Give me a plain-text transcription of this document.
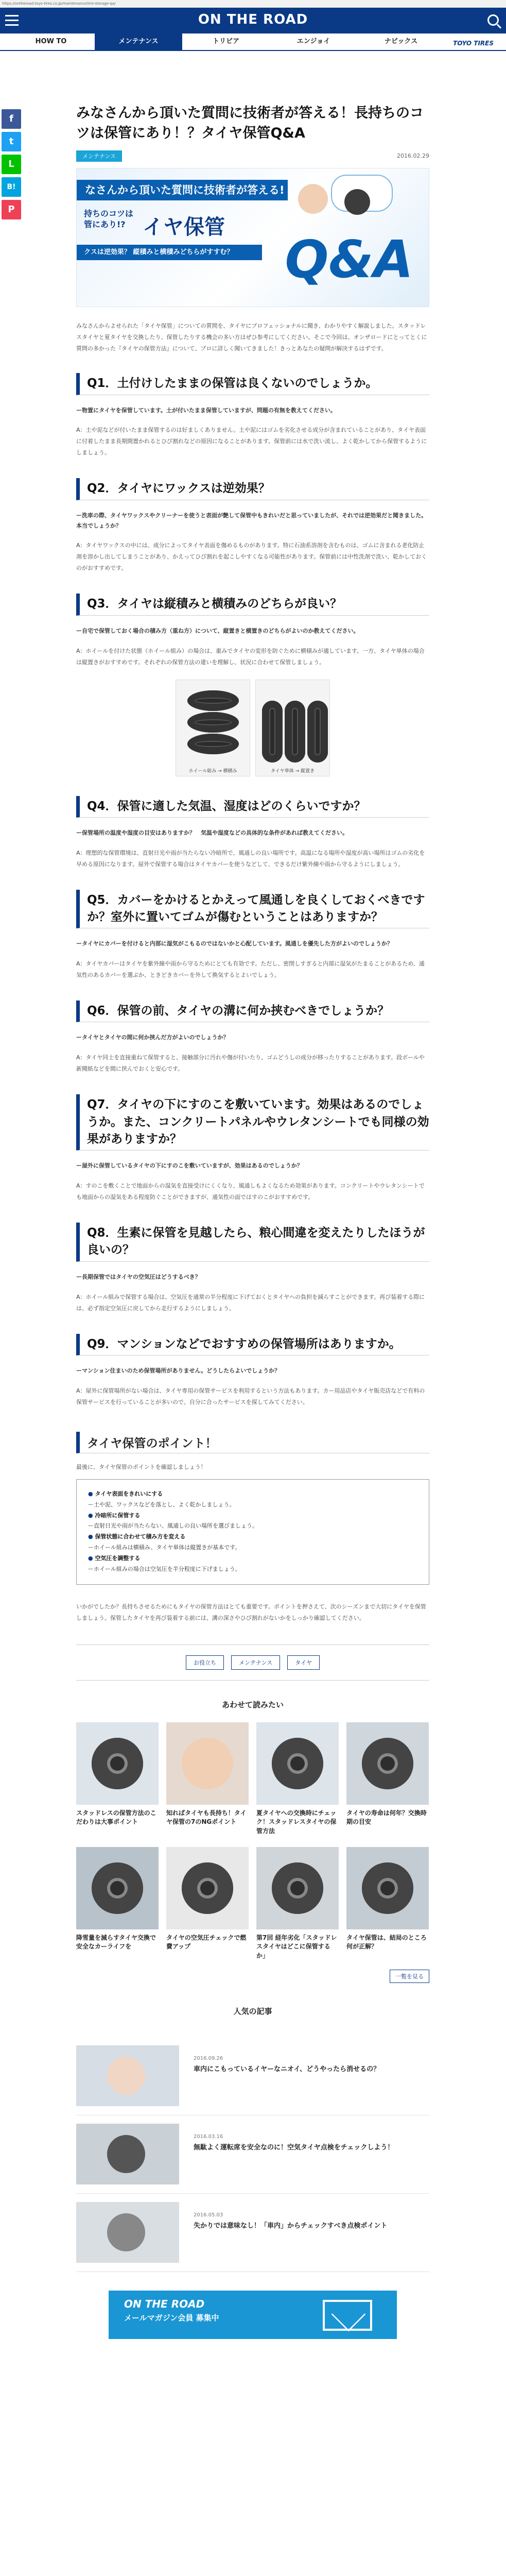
https://ontheroad.toyo-tires.co.jp/maintenance/tire-storage-qa/
ON THE ROAD
HOW TO	メンテナンス	トリビア	エンジョイ	ナビックス	TOYO TIRES
f
t
L
B!
P
みなさんから頂いた質問に技術者が答える！長持ちのコツは保管にあり！？タイヤ保管Q&A
メンテナンス	2016.02.29
なさんから頂いた質問に技術者が答える!
持ちのコツは 管にあり!? イヤ保管
クスは逆効果？ 縦積みと横積みどちらがすすむ？ Q&A

みなさんからよせられた「タイヤ保管」についての質問を、タイヤにプロフェッショナルに聞き、わかりやすく解説しました。スタッドレスタイヤと夏タイヤを交換したり、保管したりする機会の多い方はぜひ参考にしてください。そこで今回は、オンザロードにとってとくに質問の多かった『タイヤの保管方法』について、プロに詳しく聞いてきました！きっとあなたの疑問が解決するはずです。

Q1．土付けしたままの保管は良くないのでしょうか。
ー物置にタイヤを保管しています。土が付いたまま保管していますが、問題の有無を教えてください。

A：土や泥などが付いたまま保管するのは好ましくありません。土や泥にはゴムを劣化させる成分が含まれていることがあり、タイヤ表面に付着したまま長期間置かれるとひび割れなどの原因になることがあります。保管前には水で洗い流し、よく乾かしてから保管するようにしましょう。

Q2．タイヤにワックスは逆効果？
ー洗車の際、タイヤワックスやクリーナーを使うと表面が艶して保管中もきれいだと思っていましたが、それでは逆効果だと聞きました。本当でしょうか？

A：タイヤワックスの中には、成分によってタイヤ表面を傷めるものがあります。特に石油系溶剤を含むものは、ゴムに含まれる老化防止剤を溶かし出してしまうことがあり、かえってひび割れを起こしやすくなる可能性があります。保管前には中性洗剤で洗い、乾かしておくのがおすすめです。

Q3．タイヤは縦積みと横積みのどちらが良い？
ー自宅で保管しておく場合の積み方（重ね方）について、縦置きと横置きのどちらがよいのか教えてください。

A：ホイールを付けた状態（ホイール組み）の場合は、重みでタイヤの変形を防ぐために横積みが適しています。一方、タイヤ単体の場合は縦置きがおすすめです。それぞれの保管方法の違いを理解し、状況に合わせて保管しましょう。

ホイール組み → 横積み	タイヤ単体 → 縦置き
Q4．保管に適した気温、湿度はどのくらいですか？
ー保管場所の温度や湿度の目安はありますか？　気温や湿度などの具体的な条件があれば教えてください。

A：理想的な保管環境は、直射日光や雨が当たらない冷暗所で、風通しの良い場所です。高温になる場所や湿度が高い場所はゴムの劣化を早める原因になります。屋外で保管する場合はタイヤカバーを使うなどして、できるだけ紫外線や雨から守るようにしましょう。

Q5．カバーをかけるとかえって風通しを良くしておくべきですか？室外に置いてゴムが傷むということはありますか？
ータイヤにカバーを付けると内部に湿気がこもるのではないかと心配しています。風通しを優先した方がよいのでしょうか？

A：タイヤカバーはタイヤを紫外線や雨から守るためにとても有効です。ただし、密閉しすぎると内部に湿気がたまることがあるため、通気性のあるカバーを選ぶか、ときどきカバーを外して換気するとよいでしょう。

Q6．保管の前、タイヤの溝に何か挟むべきでしょうか？
ータイヤとタイヤの間に何か挟んだ方がよいのでしょうか？

A：タイヤ同士を直接重ねて保管すると、接触部分に汚れや傷が付いたり、ゴムどうしの成分が移ったりすることがあります。段ボールや新聞紙などを間に挟んでおくと安心です。

Q7．タイヤの下にすのこを敷いています。効果はあるのでしょうか。また、コンクリートパネルやウレタンシートでも同様の効果がありますか？
ー屋外に保管しているタイヤの下にすのこを敷いていますが、効果はあるのでしょうか？

A：すのこを敷くことで地面からの湿気を直接受けにくくなり、風通しもよくなるため効果があります。コンクリートやウレタンシートでも地面からの湿気をある程度防ぐことができますが、通気性の面ではすのこがおすすめです。

Q8．生素に保管を見越したら、粮心間違を変えたりしたほうが良いの？
ー長期保管ではタイヤの空気圧はどうするべき？

A：ホイール組みで保管する場合は、空気圧を通常の半分程度に下げておくとタイヤへの負担を減らすことができます。再び装着する際には、必ず指定空気圧に戻してから走行するようにしましょう。

Q9．マンションなどでおすすめの保管場所はありますか。
ーマンション住まいのため保管場所がありません。どうしたらよいでしょうか？

A：屋外に保管場所がない場合は、タイヤ専用の保管サービスを利用するという方法もあります。カー用品店やタイヤ販売店などで有料の保管サービスを行っていることが多いので、自分に合ったサービスを探してみてください。

タイヤ保管のポイント！

最後に、タイヤ保管のポイントを確認しましょう！

● タイヤ表面をきれいにする
ー土や泥、ワックスなどを落とし、よく乾かしましょう。
● 冷暗所に保管する
ー直射日光や雨が当たらない、風通しの良い場所を選びましょう。
● 保管状態に合わせて積み方を変える
ーホイール組みは横積み、タイヤ単体は縦置きが基本です。
● 空気圧を調整する
ーホイール組みの場合は空気圧を半分程度に下げましょう。

いかがでしたか？長持ちさせるためにもタイヤの保管方法はとても重要です。ポイントを押さえて、次のシーズンまで大切にタイヤを保管しましょう。保管したタイヤを再び装着する前には、溝の深さやひび割れがないかをしっかり確認してください。

お役立ち	メンテナンス	タイヤ
あわせて読みたい
スタッドレスの保管方法のこだわりは大事ポイント
知ればタイヤも長持ち！タイヤ保管の7のNGポイント
夏タイヤへの交換時にチェック！スタッドレスタイヤの保管方法
タイヤの寿命は何年？交換時期の目安
降雪量を減らすタイヤ交換で安全なカーライフを
タイヤの空気圧チェックで燃費アップ
第7回 経年劣化「スタッドレスタイヤはどこに保管するか」
タイヤ保管は、結局のところ何が正解？
一覧を見る
人気の記事
2016.09.26
車内にこもっているイヤーなニオイ、どうやったら消せるの？
2016.03.16
無駄よく運転席を安全なのに！空気タイヤ点検をチェックしよう！
2016.05.03
失かりでは意味なし！「車内」からチェックすべき点検ポイント
ON THE ROAD
メールマガジン会員 募集中
